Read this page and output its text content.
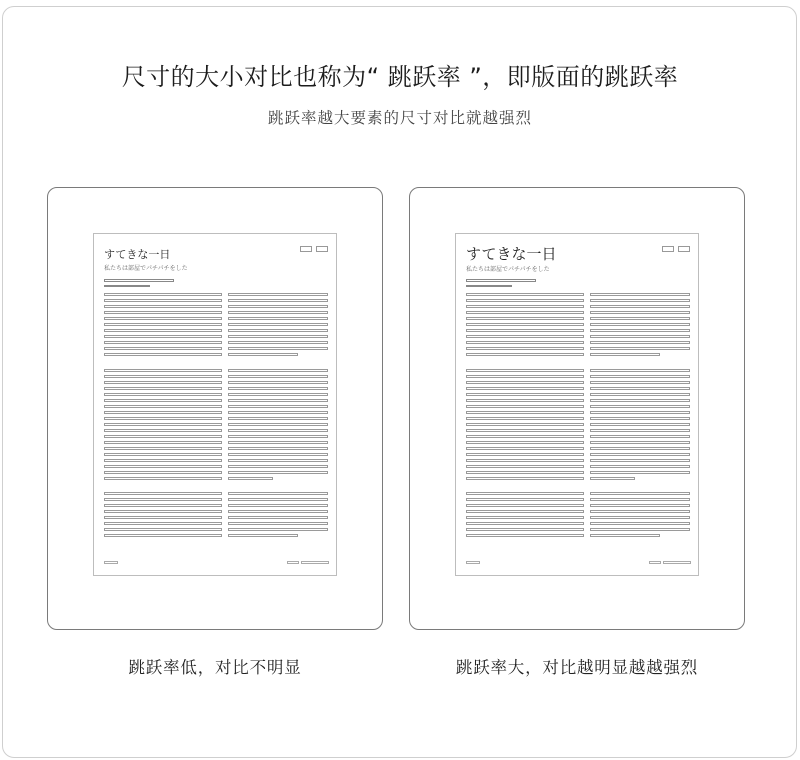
尺寸的大小对比也称为“ 跳跃率 ”，即版面的跳跃率
跳跃率越大要素的尺寸对比就越强烈
すてきな一日
私たちは部屋でパチパチをした
すてきな一日
私たちは部屋でパチパチをした
跳跃率低，对比不明显	跳跃率大，对比越明显越越强烈
